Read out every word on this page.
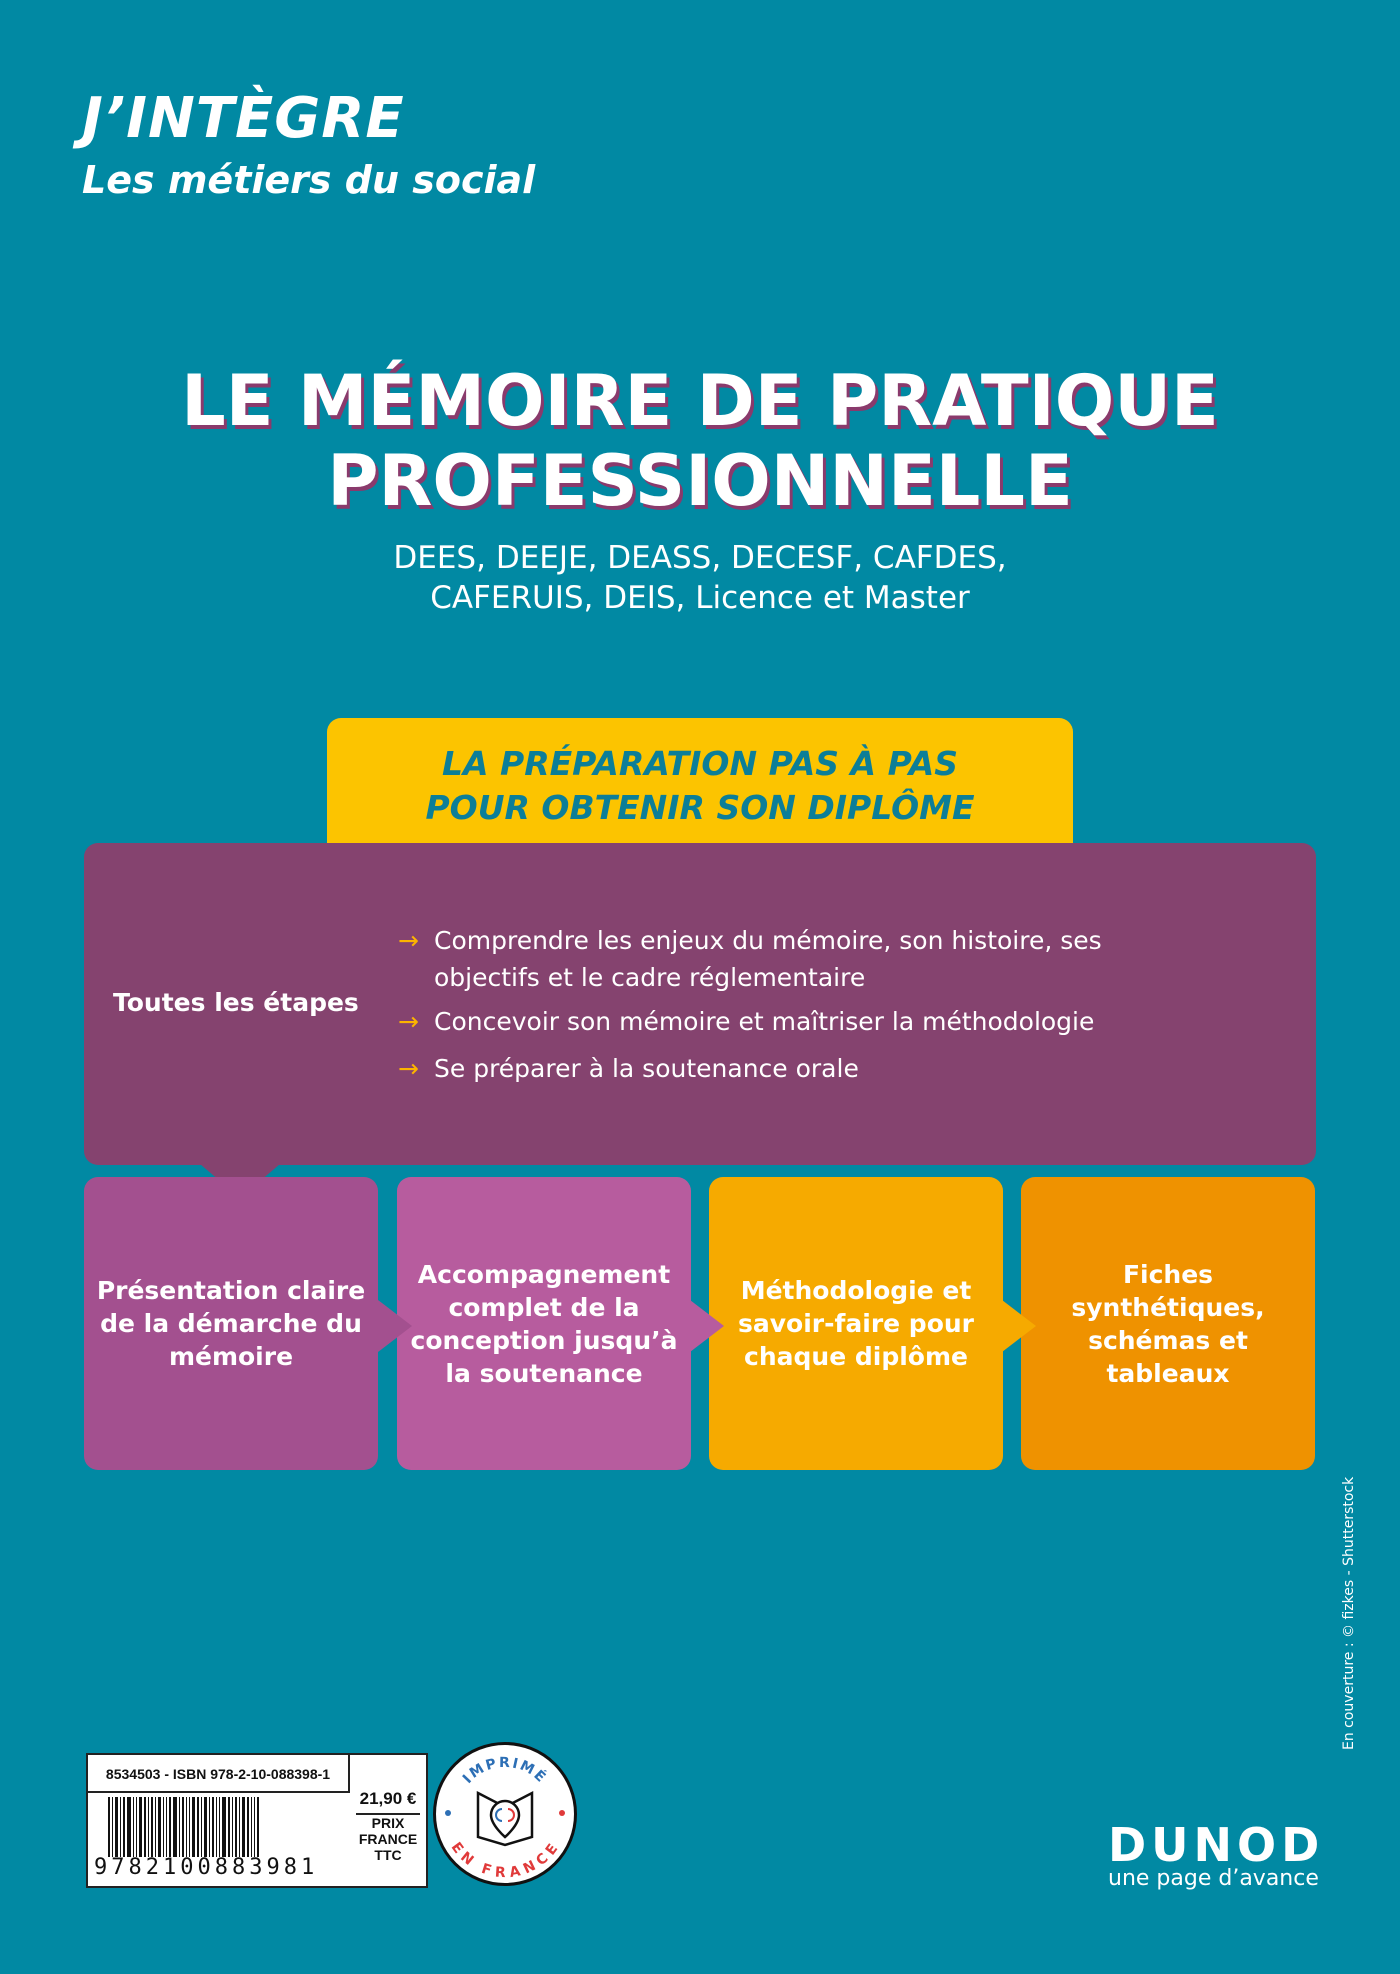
J’INTÈGRE
Les métiers du social
LE MÉMOIRE DE PRATIQUE
PROFESSIONNELLE
DEES, DEEJE, DEASS, DECESF, CAFDES,
CAFERUIS, DEIS, Licence et Master
LA PRÉPARATION PAS À PAS
POUR OBTENIR SON DIPLÔME
Toutes les étapes
→ Comprendre les enjeux du mémoire, son histoire, ses objectifs et le cadre réglementaire
→ Concevoir son mémoire et maîtriser la méthodologie
→ Se préparer à la soutenance orale
Présentation claire de la démarche du mémoire
Accompagnement complet de la conception jusqu’à la soutenance
Méthodologie et savoir-faire pour chaque diplôme
Fiches synthétiques, schémas et tableaux
8534503 - ISBN 978-2-10-088398-1
9782100883981
21,90 €
PRIX
FRANCE
TTC
IMPRIMÉ
EN FRANCE
En couverture : © fizkes - Shutterstock
DUNOD
une page d’avance
